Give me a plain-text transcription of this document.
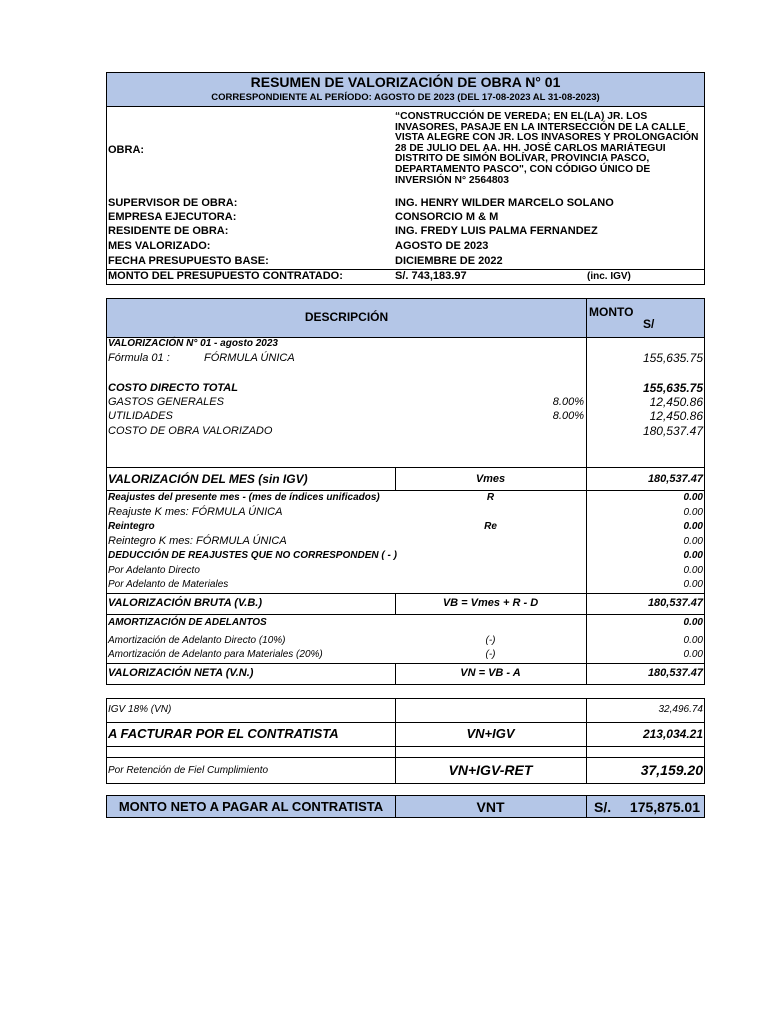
RESUMEN DE VALORIZACIÓN DE OBRA N° 01
CORRESPONDIENTE AL PERÍODO: AGOSTO DE 2023 (DEL 17-08-2023 AL 31-08-2023)
OBRA:
“CONSTRUCCIÓN DE VEREDA; EN EL(LA) JR. LOS
INVASORES, PASAJE EN LA INTERSECCIÓN DE LA CALLE
VISTA ALEGRE CON JR. LOS INVASORES Y PROLONGACIÓN
28 DE JULIO DEL AA. HH. JOSÉ CARLOS MARIÁTEGUI
DISTRITO DE SIMÓN BOLÍVAR, PROVINCIA PASCO,
DEPARTAMENTO PASCO", CON CÓDIGO ÚNICO DE
INVERSIÓN N° 2564803
SUPERVISOR DE OBRA:	ING. HENRY WILDER MARCELO SOLANO
EMPRESA EJECUTORA:	CONSORCIO M & M
RESIDENTE DE OBRA:	ING. FREDY LUIS PALMA FERNANDEZ
MES VALORIZADO:	AGOSTO DE 2023
FECHA PRESUPUESTO BASE:	DICIEMBRE DE 2022
MONTO DEL PRESUPUESTO CONTRATADO:	S/. 743,183.97	(inc. IGV)
DESCRIPCIÓN	MONTO
S/
VALORIZACIÓN N° 01 - agosto 2023
Fórmula 01 :	FÓRMULA ÚNICA	155,635.75
COSTO DIRECTO TOTAL	155,635.75
GASTOS GENERALES	8.00%	12,450.86
UTILIDADES	8.00%	12,450.86
COSTO DE OBRA VALORIZADO	180,537.47
VALORIZACIÓN DEL MES (sin IGV)	Vmes	180,537.47
Reajustes del presente mes - (mes de índices unificados)	R	0.00
Reajuste K mes: FÓRMULA ÚNICA	0.00
Reintegro	Re	0.00
Reintegro K mes: FÓRMULA ÚNICA	0.00
DEDUCCIÓN DE REAJUSTES QUE NO CORRESPONDEN ( - )	0.00
Por Adelanto Directo	0.00
Por Adelanto de Materiales	0.00
VALORIZACIÓN BRUTA (V.B.)	VB = Vmes + R - D	180,537.47
AMORTIZACIÓN DE ADELANTOS	0.00
Amortización de Adelanto Directo (10%)	(-)	0.00
Amortización de Adelanto para Materiales (20%)	(-)	0.00
VALORIZACIÓN NETA (V.N.)	VN = VB - A	180,537.47
IGV 18% (VN)	32,496.74
A FACTURAR POR EL CONTRATISTA	VN+IGV	213,034.21
Por Retención de Fiel Cumplimiento	VN+IGV-RET	37,159.20
MONTO NETO A PAGAR AL CONTRATISTA	VNT	S/. 175,875.01
